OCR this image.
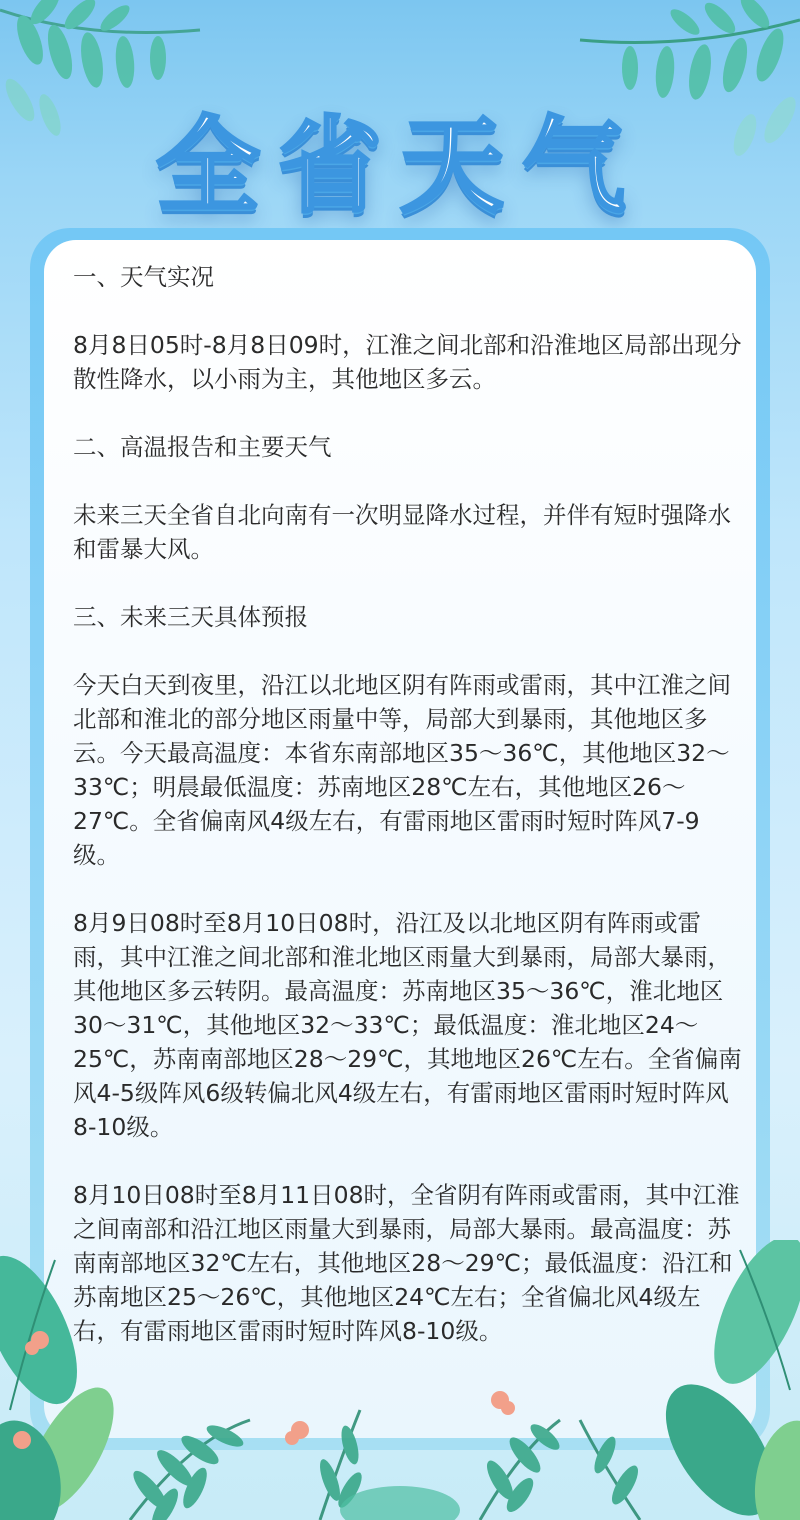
全省天气

一、天气实况

8月8日05时-8月8日09时，江淮之间北部和沿淮地区局部出现分散性降水，以小雨为主，其他地区多云。

二、高温报告和主要天气

未来三天全省自北向南有一次明显降水过程，并伴有短时强降水和雷暴大风。

三、未来三天具体预报

今天白天到夜里，沿江以北地区阴有阵雨或雷雨，其中江淮之间北部和淮北的部分地区雨量中等，局部大到暴雨，其他地区多云。今天最高温度：本省东南部地区35～36℃，其他地区32～33℃；明晨最低温度：苏南地区28℃左右，其他地区26～27℃。全省偏南风4级左右，有雷雨地区雷雨时短时阵风7-9级。

8月9日08时至8月10日08时，沿江及以北地区阴有阵雨或雷雨，其中江淮之间北部和淮北地区雨量大到暴雨，局部大暴雨，其他地区多云转阴。最高温度：苏南地区35～36℃，淮北地区30～31℃，其他地区32～33℃；最低温度：淮北地区24～25℃，苏南南部地区28～29℃，其地地区26℃左右。全省偏南风4-5级阵风6级转偏北风4级左右，有雷雨地区雷雨时短时阵风8-10级。

8月10日08时至8月11日08时，全省阴有阵雨或雷雨，其中江淮之间南部和沿江地区雨量大到暴雨，局部大暴雨。最高温度：苏南南部地区32℃左右，其他地区28～29℃；最低温度：沿江和苏南地区25～26℃，其他地区24℃左右；全省偏北风4级左右，有雷雨地区雷雨时短时阵风8-10级。
